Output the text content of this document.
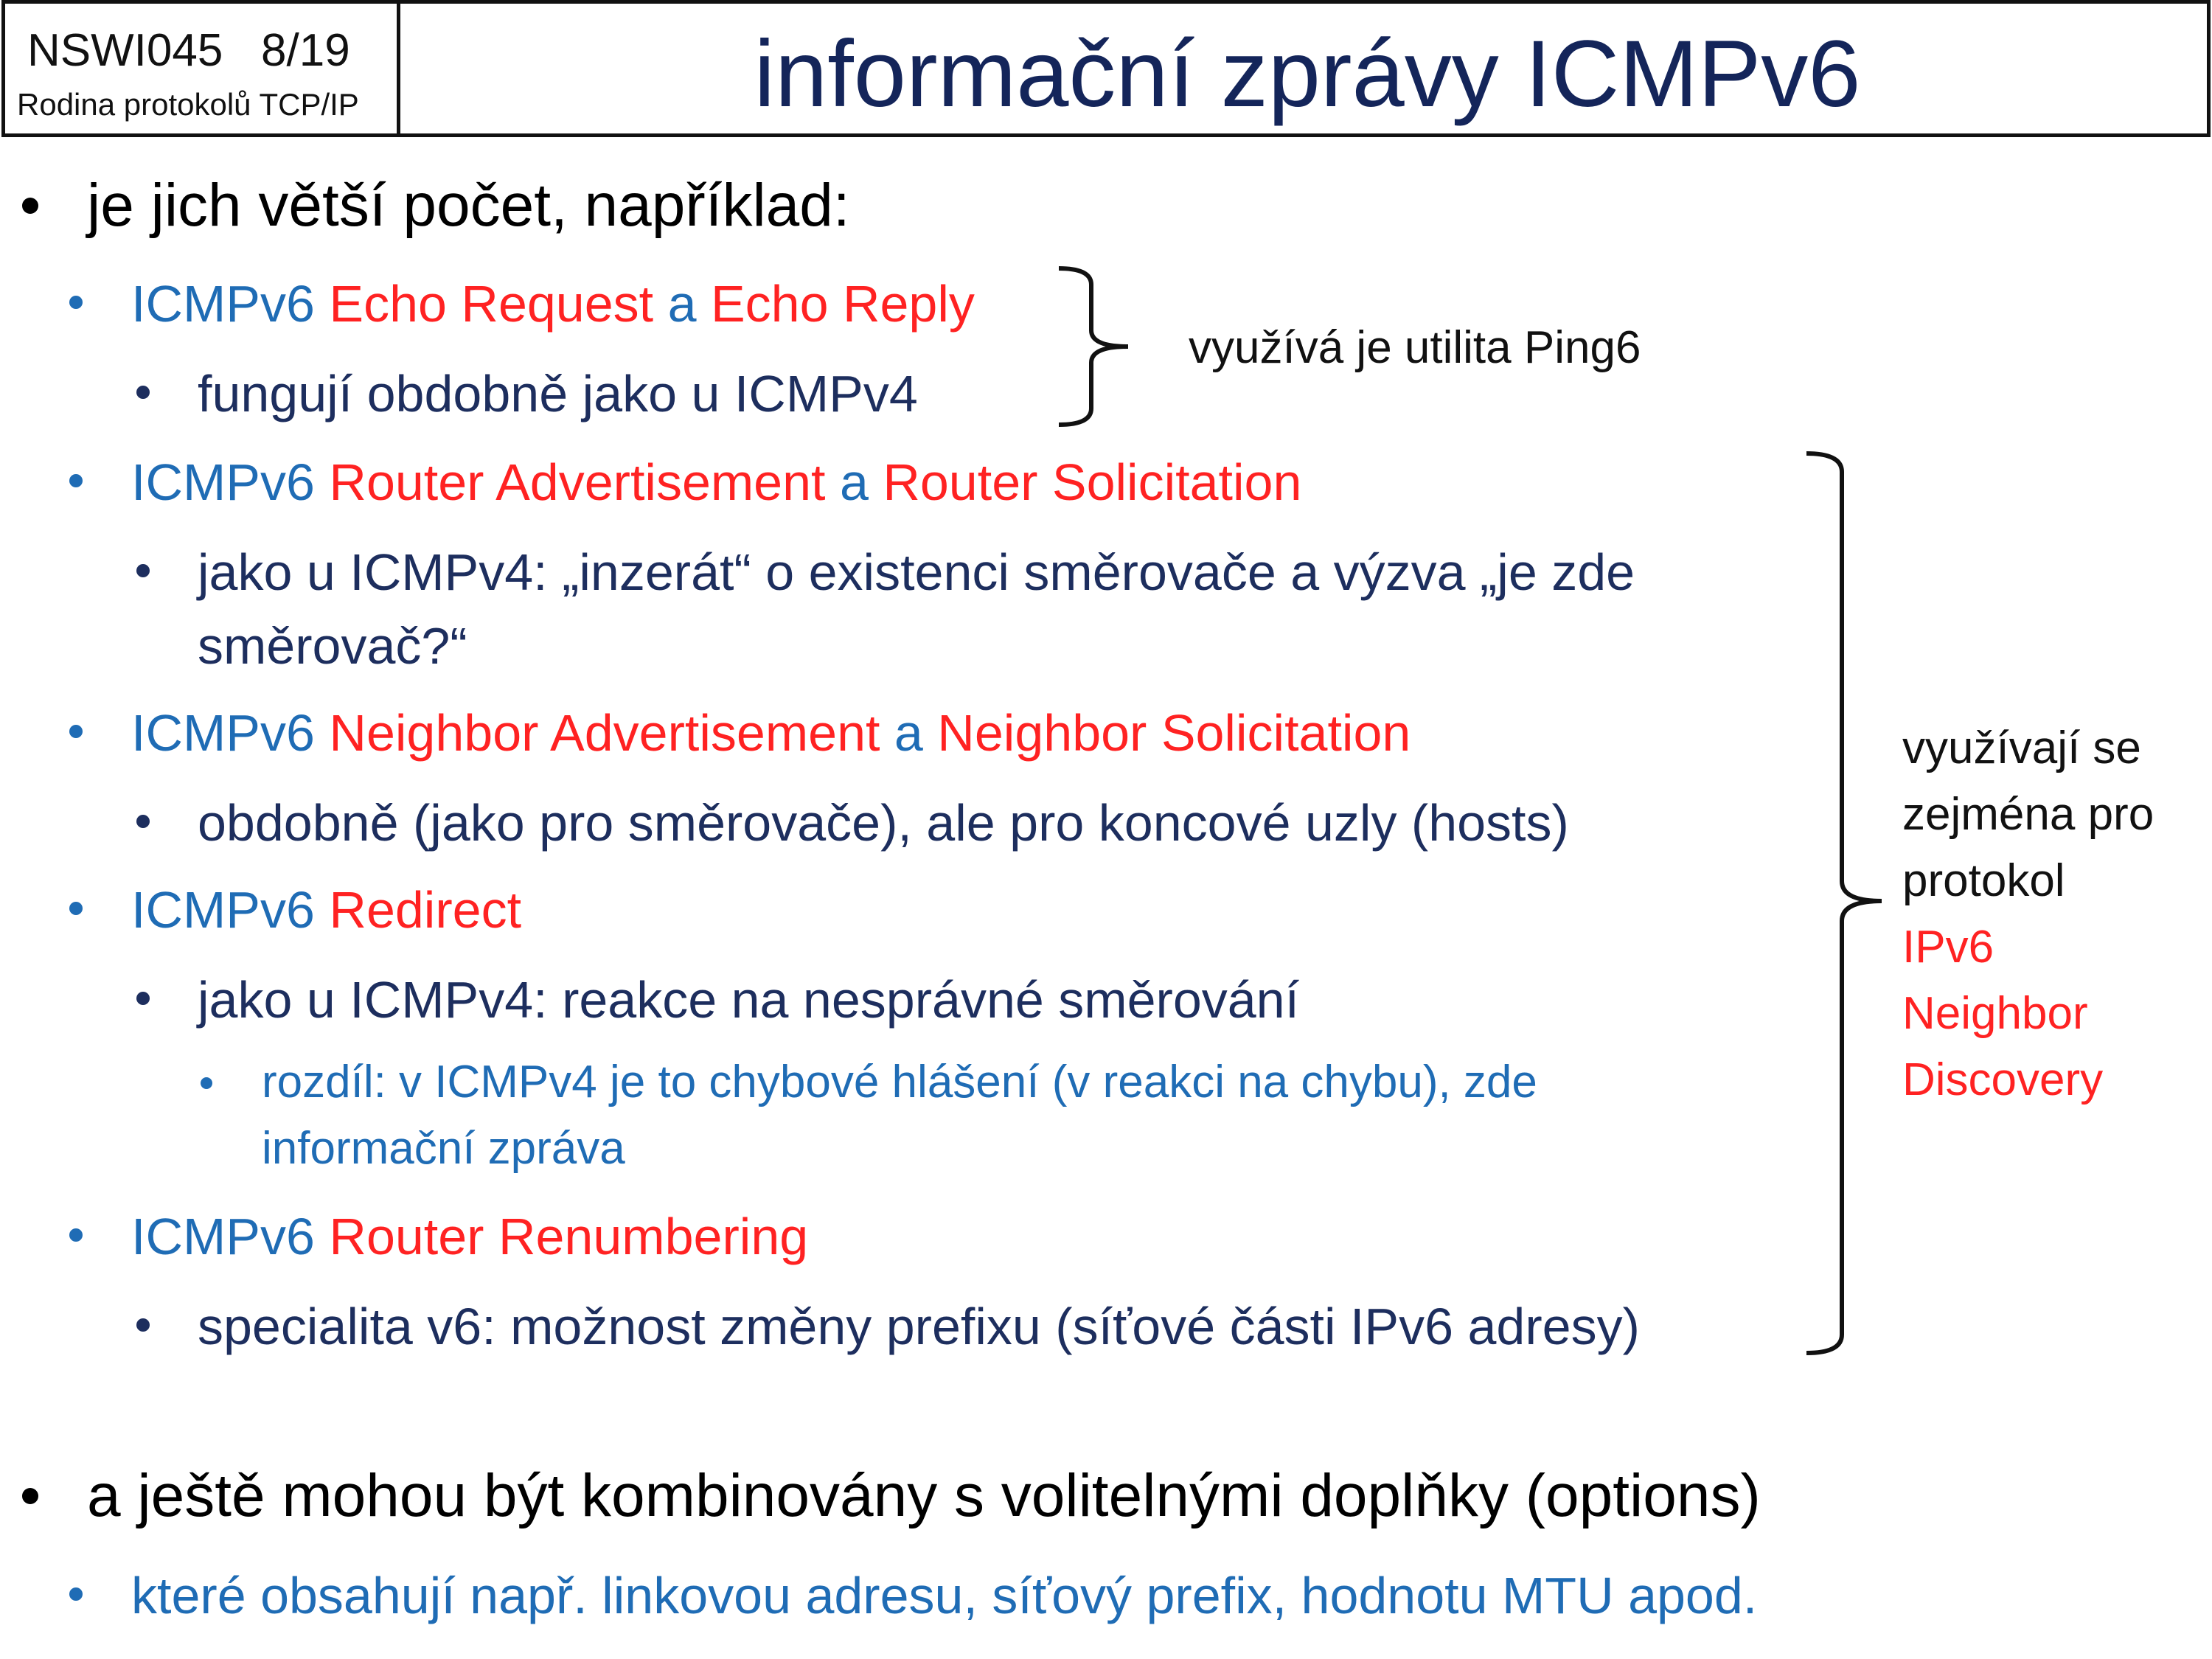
NSWI045 8/19
Rodina protokolů TCP/IP	informační zprávy ICMPv6
je jich větší počet, například:
ICMPv6 Echo Request a Echo Reply
fungují obdobně jako u ICMPv4
ICMPv6 Router Advertisement a Router Solicitation
jako u ICMPv4: „inzerát“ o existenci směrovače a výzva „je zde
směrovač?“
ICMPv6 Neighbor Advertisement a Neighbor Solicitation
obdobně (jako pro směrovače), ale pro koncové uzly (hosts)
ICMPv6 Redirect
jako u ICMPv4: reakce na nesprávné směrování
rozdíl: v ICMPv4 je to chybové hlášení (v reakci na chybu), zde
informační zpráva
ICMPv6 Router Renumbering
specialita v6: možnost změny prefixu (síťové části IPv6 adresy)
a ještě mohou být kombinovány s volitelnými doplňky (options)
které obsahují např. linkovou adresu, síťový prefix, hodnotu MTU apod.
využívá je utilita Ping6
využívají se
zejména pro
protokol
IPv6
Neighbor
Discovery
